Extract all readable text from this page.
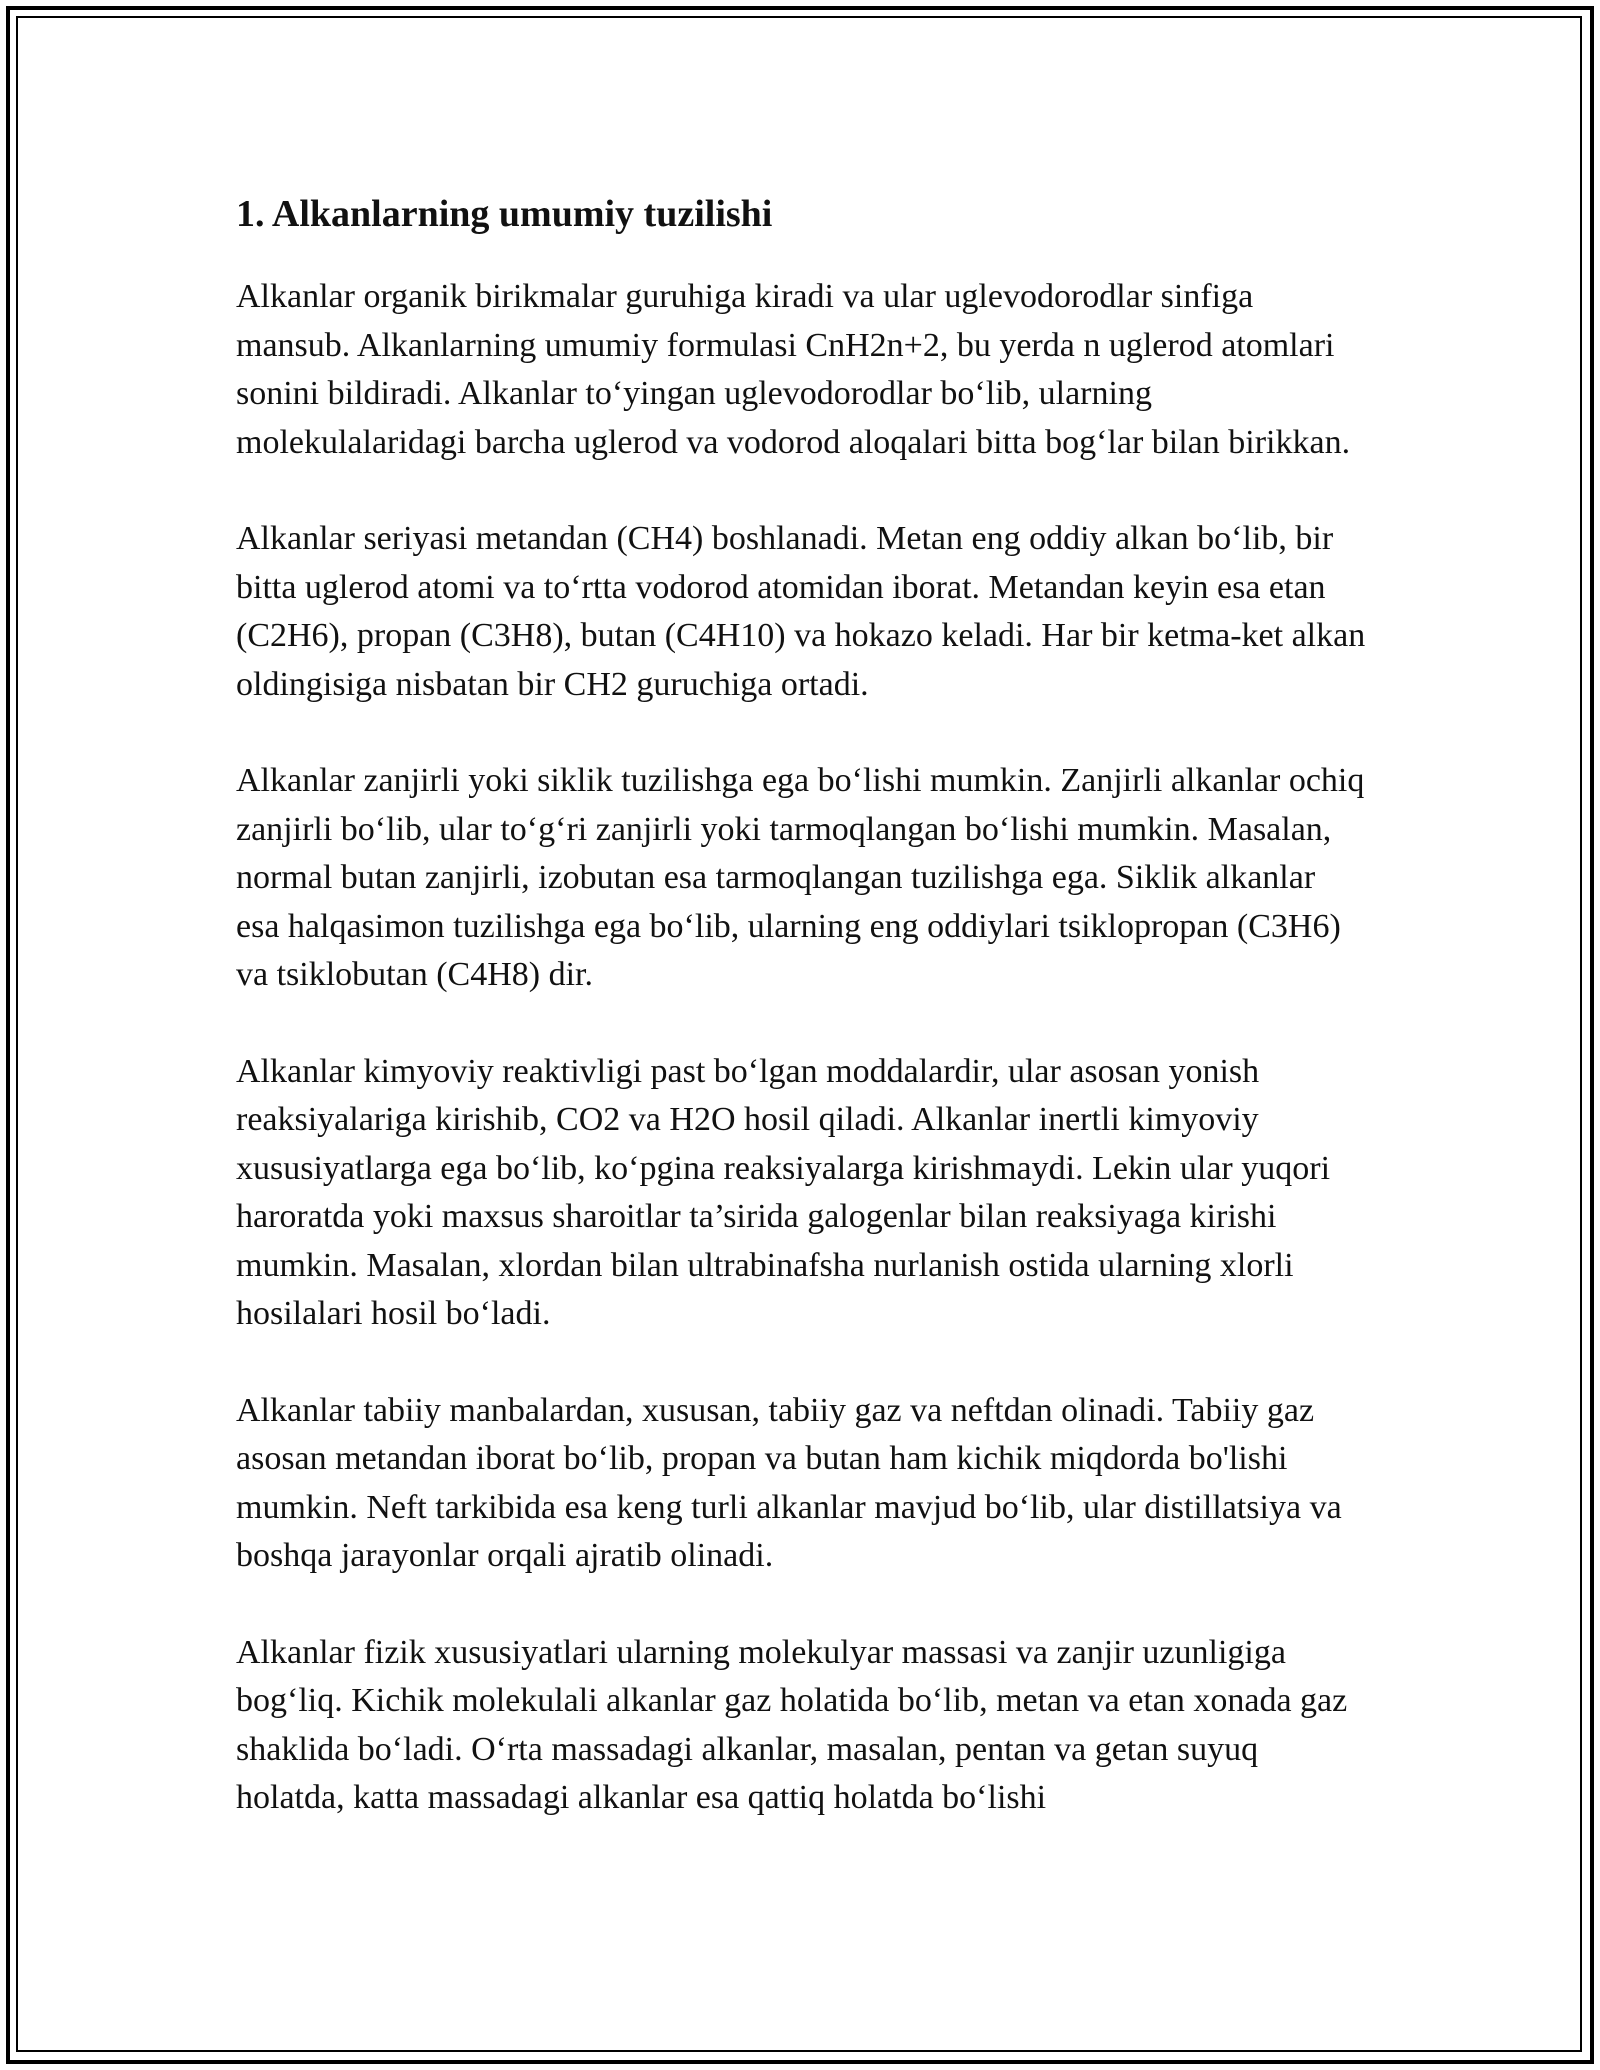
1. Alkanlarning umumiy tuzilishi

Alkanlar organik birikmalar guruhiga kiradi va ular uglevodorodlar sinfiga mansub. Alkanlarning umumiy formulasi CnH2n+2, bu yerda n uglerod atomlari sonini bildiradi. Alkanlar to‘yingan uglevodorodlar bo‘lib, ularning molekulalaridagi barcha uglerod va vodorod aloqalari bitta bog‘lar bilan birikkan.

Alkanlar seriyasi metandan (CH4) boshlanadi. Metan eng oddiy alkan bo‘lib, bir bitta uglerod atomi va to‘rtta vodorod atomidan iborat. Metandan keyin esa etan (C2H6), propan (C3H8), butan (C4H10) va hokazo keladi. Har bir ketma-ket alkan oldingisiga nisbatan bir CH2 guruchiga ortadi.

Alkanlar zanjirli yoki siklik tuzilishga ega bo‘lishi mumkin. Zanjirli alkanlar ochiq zanjirli bo‘lib, ular to‘g‘ri zanjirli yoki tarmoqlangan bo‘lishi mumkin. Masalan, normal butan zanjirli, izobutan esa tarmoqlangan tuzilishga ega. Siklik alkanlar esa halqasimon tuzilishga ega bo‘lib, ularning eng oddiylari tsiklopropan (C3H6) va tsiklobutan (C4H8) dir.

Alkanlar kimyoviy reaktivligi past bo‘lgan moddalardir, ular asosan yonish reaksiyalariga kirishib, CO2 va H2O hosil qiladi. Alkanlar inertli kimyoviy xususiyatlarga ega bo‘lib, ko‘pgina reaksiyalarga kirishmaydi. Lekin ular yuqori haroratda yoki maxsus sharoitlar ta’sirida galogenlar bilan reaksiyaga kirishi mumkin. Masalan, xlordan bilan ultrabinafsha nurlanish ostida ularning xlorli hosilalari hosil bo‘ladi.

Alkanlar tabiiy manbalardan, xususan, tabiiy gaz va neftdan olinadi. Tabiiy gaz asosan metandan iborat bo‘lib, propan va butan ham kichik miqdorda bo'lishi mumkin. Neft tarkibida esa keng turli alkanlar mavjud bo‘lib, ular distillatsiya va boshqa jarayonlar orqali ajratib olinadi.

Alkanlar fizik xususiyatlari ularning molekulyar massasi va zanjir uzunligiga bog‘liq. Kichik molekulali alkanlar gaz holatida bo‘lib, metan va etan xonada gaz shaklida bo‘ladi. O‘rta massadagi alkanlar, masalan, pentan va getan suyuq holatda, katta massadagi alkanlar esa qattiq holatda bo‘lishi
